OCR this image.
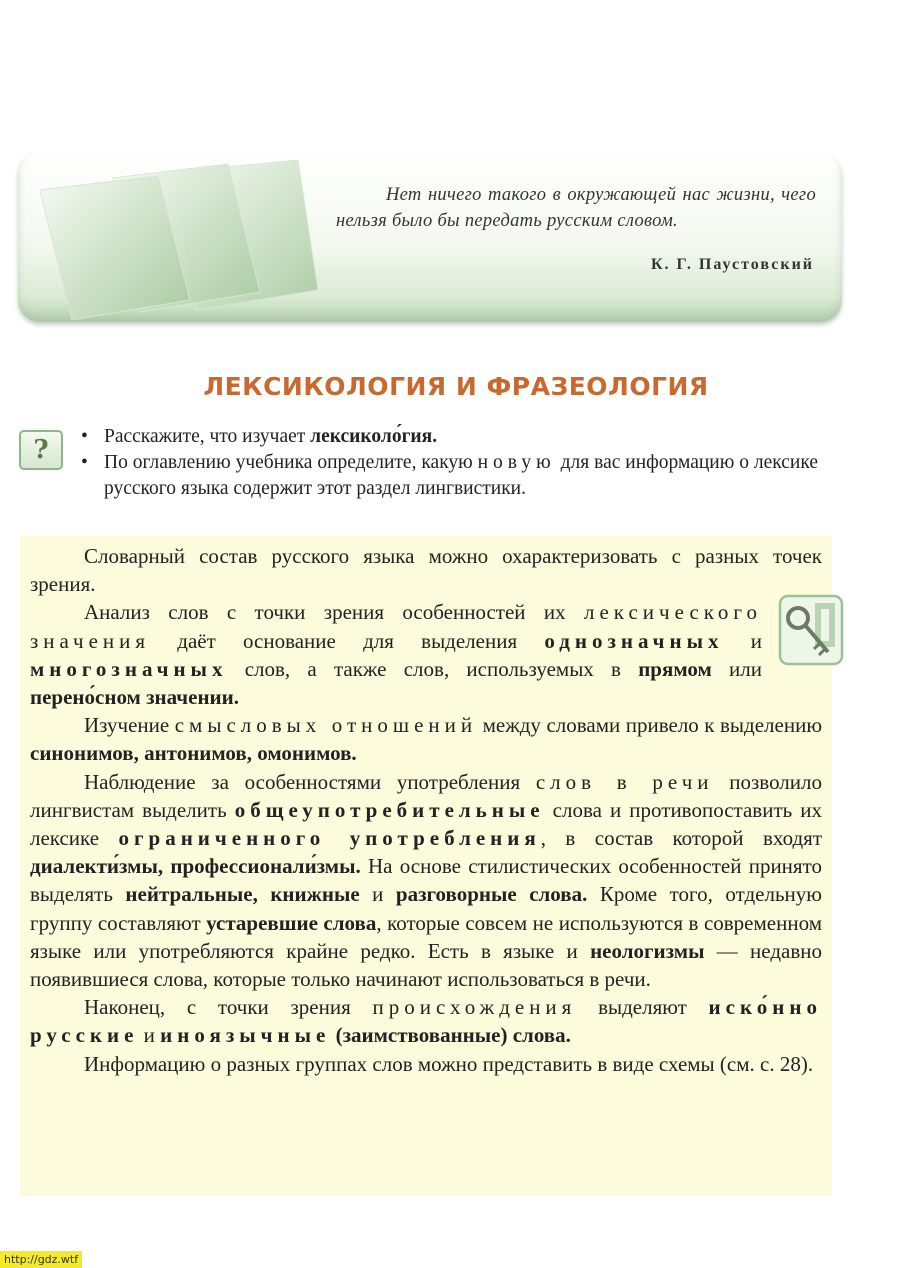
Нет ничего такого в окружающей нас жизни, чего нельзя было бы передать русским словом.
К. Г. Паустовский
ЛЕКСИКОЛОГИЯ И ФРАЗЕОЛОГИЯ
?
•	Расскажите, что изучает лексиколо́гия.
• По оглавлению учебника определите, какую новую для вас информацию о лексике русского языка содержит этот раздел лингвистики.

Словарный состав русского языка можно охарактеризовать с разных точек зрения.

Анализ слов с точки зрения особенностей их лексического значения даёт основание для выделения однозначных и многозначных слов, а также слов, используемых в прямом или перено́сном значении.

Изучение смысловых отношений между словами привело к выделению синонимов, антонимов, омонимов.

Наблюдение за особенностями употребления слов в речи позволило лингвистам выделить общеупотребительные слова и противопоставить их лексике ограниченного употребления, в состав которой входят диалекти́змы, профессионали́змы. На основе стилистических особенностей принято выделять нейтральные, книжные и разговорные слова. Кроме того, отдельную группу составляют устаревшие слова, которые совсем не используются в современном языке или употребляются крайне редко. Есть в языке и неологизмы — недавно появившиеся слова, которые только начинают использоваться в речи.

Наконец, с точки зрения происхождения выделяют иско́нно русские и иноязычные (заимствованные) слова.

Информацию о разных группах слов можно представить в виде схемы (см. с. 28).

http://gdz.wtf
